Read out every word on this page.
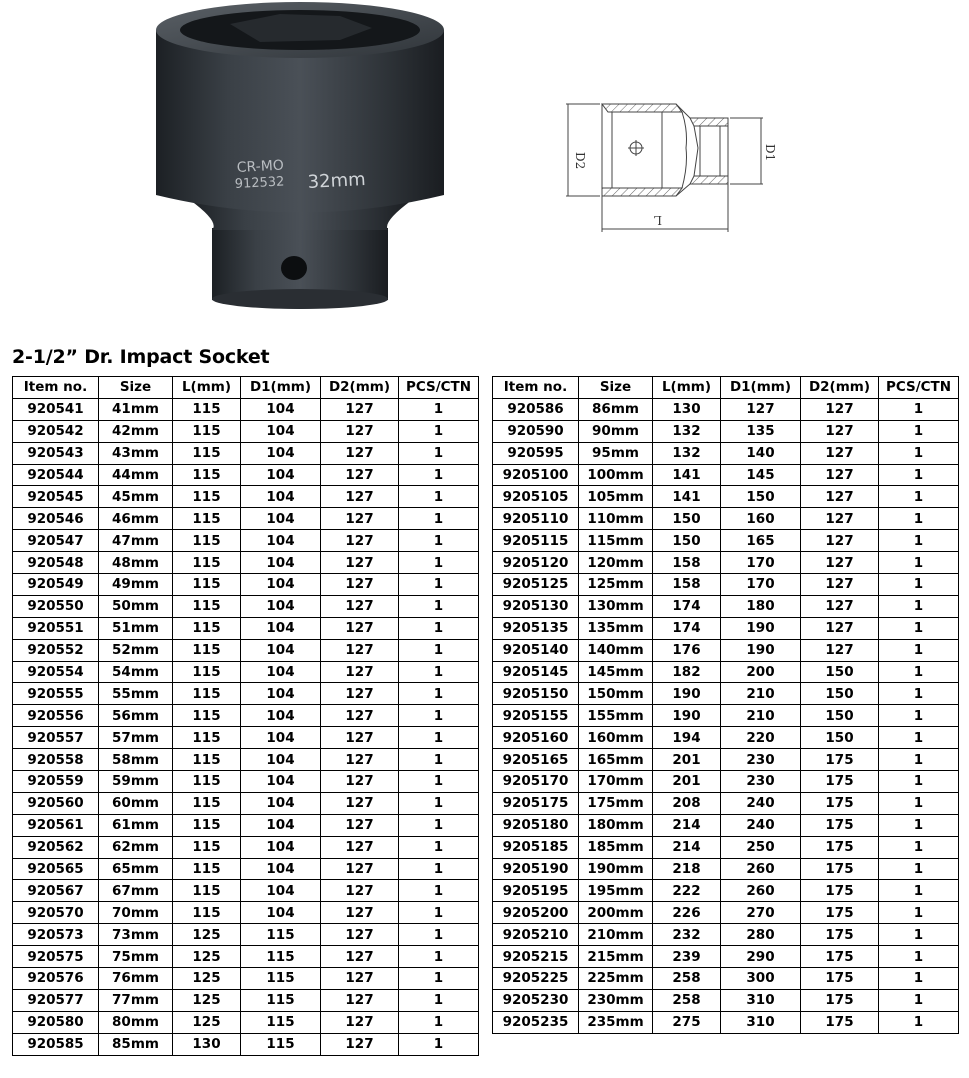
CR-MO
912532 32mm
D2	D1
L
2-1/2” Dr. Impact Socket
Item no.	Size	L(mm)	D1(mm)	D2(mm)	PCS/CTN
920541	41mm	115	104	127	1
920542	42mm	115	104	127	1
920543	43mm	115	104	127	1
920544	44mm	115	104	127	1
920545	45mm	115	104	127	1
920546	46mm	115	104	127	1
920547	47mm	115	104	127	1
920548	48mm	115	104	127	1
920549	49mm	115	104	127	1
920550	50mm	115	104	127	1
920551	51mm	115	104	127	1
920552	52mm	115	104	127	1
920554	54mm	115	104	127	1
920555	55mm	115	104	127	1
920556	56mm	115	104	127	1
920557	57mm	115	104	127	1
920558	58mm	115	104	127	1
920559	59mm	115	104	127	1
920560	60mm	115	104	127	1
920561	61mm	115	104	127	1
920562	62mm	115	104	127	1
920565	65mm	115	104	127	1
920567	67mm	115	104	127	1
920570	70mm	115	104	127	1
920573	73mm	125	115	127	1
920575	75mm	125	115	127	1
920576	76mm	125	115	127	1
920577	77mm	125	115	127	1
920580	80mm	125	115	127	1
920585	85mm	130	115	127	1
Item no.	Size	L(mm)	D1(mm)	D2(mm)	PCS/CTN
920586	86mm	130	127	127	1
920590	90mm	132	135	127	1
920595	95mm	132	140	127	1
9205100	100mm	141	145	127	1
9205105	105mm	141	150	127	1
9205110	110mm	150	160	127	1
9205115	115mm	150	165	127	1
9205120	120mm	158	170	127	1
9205125	125mm	158	170	127	1
9205130	130mm	174	180	127	1
9205135	135mm	174	190	127	1
9205140	140mm	176	190	127	1
9205145	145mm	182	200	150	1
9205150	150mm	190	210	150	1
9205155	155mm	190	210	150	1
9205160	160mm	194	220	150	1
9205165	165mm	201	230	175	1
9205170	170mm	201	230	175	1
9205175	175mm	208	240	175	1
9205180	180mm	214	240	175	1
9205185	185mm	214	250	175	1
9205190	190mm	218	260	175	1
9205195	195mm	222	260	175	1
9205200	200mm	226	270	175	1
9205210	210mm	232	280	175	1
9205215	215mm	239	290	175	1
9205225	225mm	258	300	175	1
9205230	230mm	258	310	175	1
9205235	235mm	275	310	175	1
